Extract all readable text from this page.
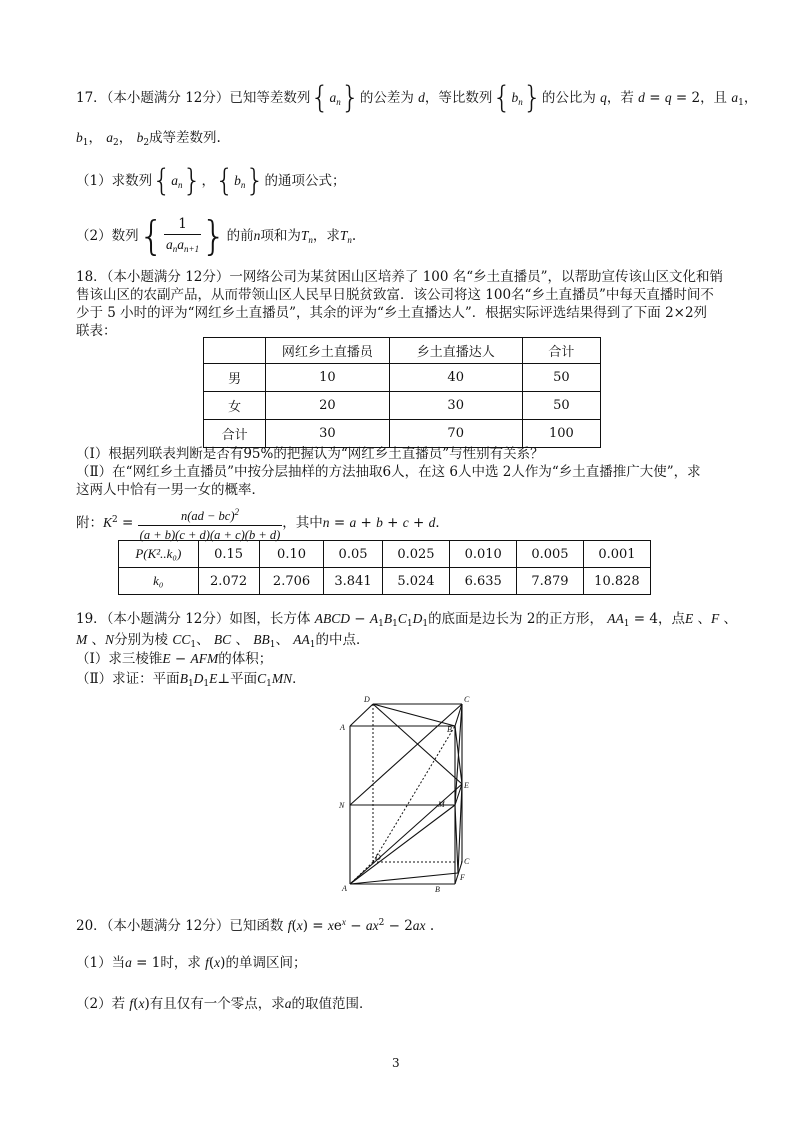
17．（本小题满分 12分）已知等差数列$\{a_n\}$的公差为 d，等比数列$\{b_n\}$的公比为 q，若 d = q = 2，且 $a_1$，
$b_1$， $a_2$， $b_2$成等差数列.
（1）求数列$\{a_n\}$，$\{b_n\}$的通项公式；
（2）数列{ $\frac{1}{a_na_{n+1}}$ }的前n项和为$T_n$，求$T_n$.
18．（本小题满分 12分）一网络公司为某贫困山区培养了 100 名“乡土直播员”，以帮助宣传该山区文化和销
售该山区的农副产品，从而带领山区人民早日脱贫致富．该公司将这 100名“乡土直播员”中每天直播时间不
少于 5 小时的评为“网红乡土直播员”，其余的评为“乡土直播达人”．根据实际评选结果得到了下面 2×2列
联表：
	网红乡土直播员	乡土直播达人	合计
男	10	40	50
女	20	30	50
合计	30	70	100
（Ⅰ）根据列联表判断是否有95%的把握认为“网红乡土直播员”与性别有关系？
（Ⅱ）在“网红乡土直播员”中按分层抽样的方法抽取6人，在这 6人中选 2人作为“乡土直播推广大使”，求
这两人中恰有一男一女的概率．
附：$K^2 = \frac{n(ad - bc)^2}{(a + b)(c + d)(a + c)(b + d)}$ ，其中n = a + b + c + d．
P(K²..k₀)	0.15	0.10	0.05	0.025	0.010	0.005	0.001
k₀	2.072	2.706	3.841	5.024	6.635	7.879	10.828
19．（本小题满分 12分）如图，长方体 ABCD − $A_1B_1C_1D_1$的底面是边长为 2的正方形， $AA_1 = 4$，点E 、F 、
M 、N分别为棱 $CC_1$、 BC 、 $BB_1$、 $AA_1$的中点．
（Ⅰ）求三棱锥E − AFM的体积；
（Ⅱ）求证：平面$B_1D_1E\perp$平面$C_1MN$．
D	C
A	B
N	M
E
D	C
A	B
F
20．（本小题满分 12分）已知函数 $f(x) = xe^x - ax^2 - 2ax$ .
（1）当a = 1时，求 f(x)的单调区间；
（2）若 f(x)有且仅有一个零点，求a的取值范围．
3
